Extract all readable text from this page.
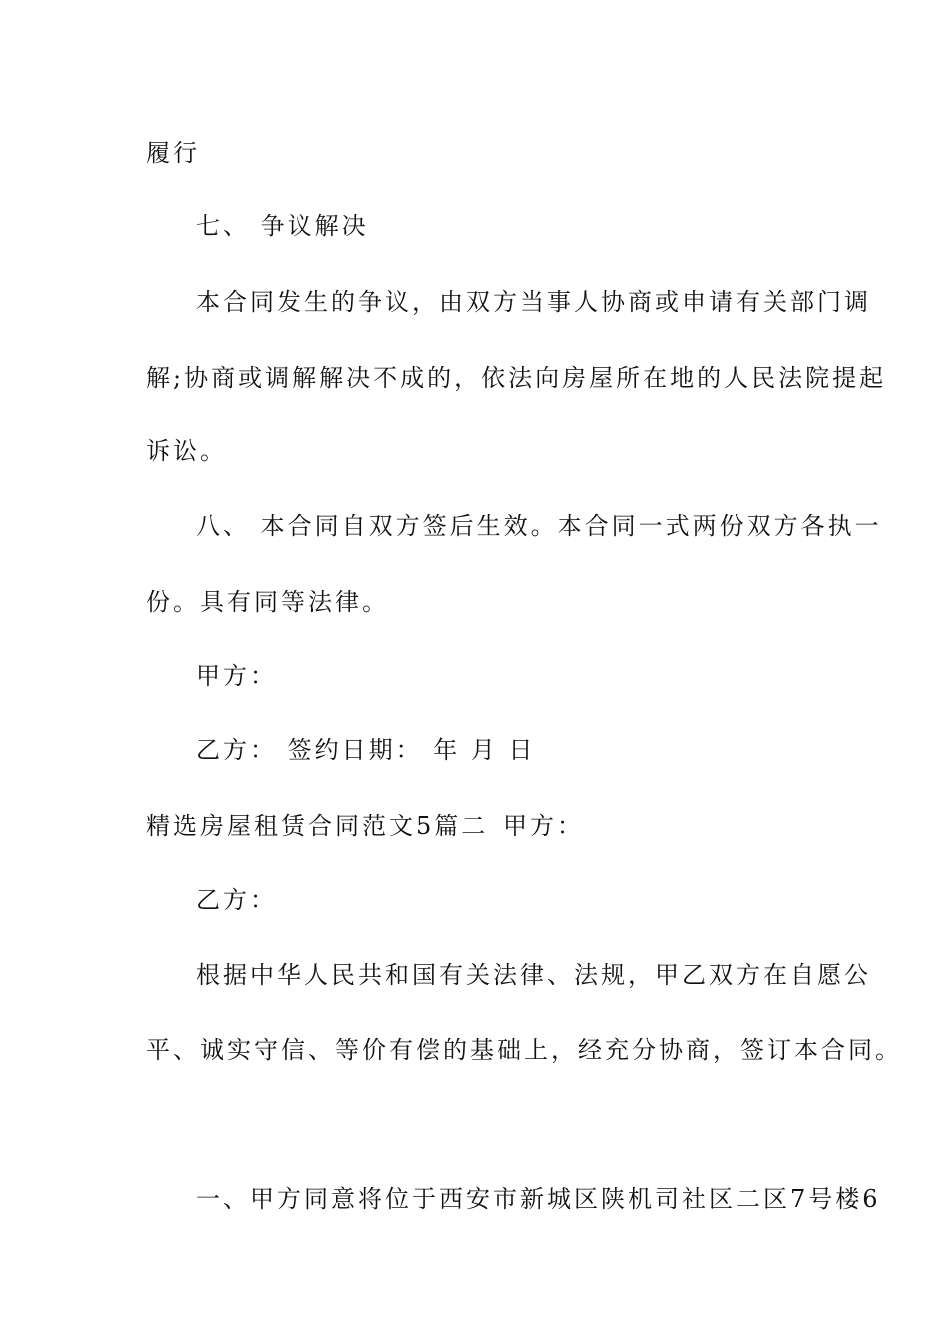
履行
七、 争议解决
本合同发生的争议，由双方当事人协商或申请有关部门调
解;协商或调解解决不成的，依法向房屋所在地的人民法院提起
诉讼。
八、 本合同自双方签后生效。本合同一式两份双方各执一
份。具有同等法律。
甲方：
乙方： 签约日期： 年 月 日
精选房屋租赁合同范文5篇二 甲方：
乙方：
根据中华人民共和国有关法律、法规，甲乙双方在自愿公
平、诚实守信、等价有偿的基础上，经充分协商，签订本合同。
一、甲方同意将位于西安市新城区陕机司社区二区7号楼6
